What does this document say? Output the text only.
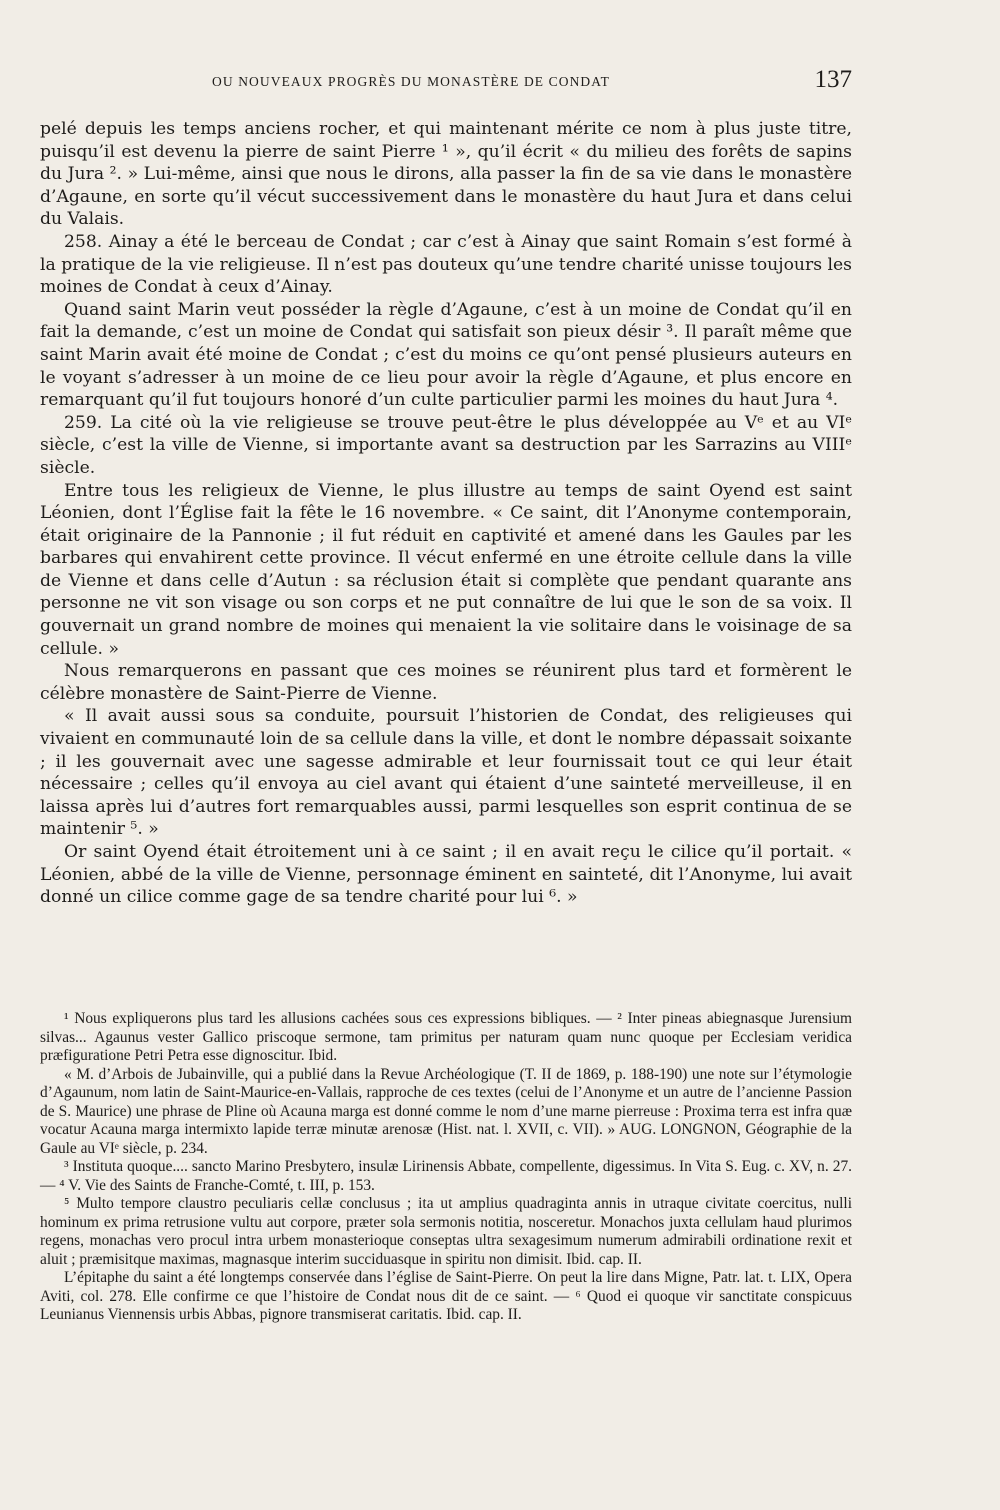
OU NOUVEAUX PROGRÈS DU MONASTÈRE DE CONDAT	137

pelé depuis les temps anciens rocher, et qui maintenant mérite ce nom à plus juste titre, puisqu’il est devenu la pierre de saint Pierre ¹ », qu’il écrit « du milieu des forêts de sapins du Jura ². » Lui-même, ainsi que nous le dirons, alla passer la fin de sa vie dans le monastère d’Agaune, en sorte qu’il vécut successivement dans le monastère du haut Jura et dans celui du Valais.

258. Ainay a été le berceau de Condat ; car c’est à Ainay que saint Romain s’est formé à la pratique de la vie religieuse. Il n’est pas douteux qu’une tendre charité unisse toujours les moines de Condat à ceux d’Ainay.

Quand saint Marin veut posséder la règle d’Agaune, c’est à un moine de Condat qu’il en fait la demande, c’est un moine de Condat qui satisfait son pieux désir ³. Il paraît même que saint Marin avait été moine de Condat ; c’est du moins ce qu’ont pensé plusieurs auteurs en le voyant s’adresser à un moine de ce lieu pour avoir la règle d’Agaune, et plus encore en remarquant qu’il fut toujours honoré d’un culte particulier parmi les moines du haut Jura ⁴.

259. La cité où la vie religieuse se trouve peut-être le plus développée au Vᵉ et au VIᵉ siècle, c’est la ville de Vienne, si importante avant sa destruction par les Sarrazins au VIIIᵉ siècle.

Entre tous les religieux de Vienne, le plus illustre au temps de saint Oyend est saint Léonien, dont l’Église fait la fête le 16 novembre. « Ce saint, dit l’Anonyme contemporain, était originaire de la Pannonie ; il fut réduit en captivité et amené dans les Gaules par les barbares qui envahirent cette province. Il vécut enfermé en une étroite cellule dans la ville de Vienne et dans celle d’Autun : sa réclusion était si complète que pendant quarante ans personne ne vit son visage ou son corps et ne put connaître de lui que le son de sa voix. Il gouvernait un grand nombre de moines qui menaient la vie solitaire dans le voisinage de sa cellule. »

Nous remarquerons en passant que ces moines se réunirent plus tard et formèrent le célèbre monastère de Saint-Pierre de Vienne.

« Il avait aussi sous sa conduite, poursuit l’historien de Condat, des religieuses qui vivaient en communauté loin de sa cellule dans la ville, et dont le nombre dépassait soixante ; il les gouvernait avec une sagesse admirable et leur fournissait tout ce qui leur était nécessaire ; celles qu’il envoya au ciel avant qui étaient d’une sainteté merveilleuse, il en laissa après lui d’autres fort remarquables aussi, parmi lesquelles son esprit continua de se maintenir ⁵. »

Or saint Oyend était étroitement uni à ce saint ; il en avait reçu le cilice qu’il portait. « Léonien, abbé de la ville de Vienne, personnage éminent en sainteté, dit l’Anonyme, lui avait donné un cilice comme gage de sa tendre charité pour lui ⁶. »

¹ Nous expliquerons plus tard les allusions cachées sous ces expressions bibliques. — ² Inter pineas abiegnasque Jurensium silvas... Agaunus vester Gallico priscoque sermone, tam primitus per naturam quam nunc quoque per Ecclesiam veridica præfiguratione Petri Petra esse dignoscitur. Ibid.

« M. d’Arbois de Jubainville, qui a publié dans la Revue Archéologique (T. II de 1869, p. 188-190) une note sur l’étymologie d’Agaunum, nom latin de Saint-Maurice-en-Vallais, rapproche de ces textes (celui de l’Anonyme et un autre de l’ancienne Passion de S. Maurice) une phrase de Pline où Acauna marga est donné comme le nom d’une marne pierreuse : Proxima terra est infra quæ vocatur Acauna marga intermixto lapide terræ minutæ arenosæ (Hist. nat. l. XVII, c. VII). » AUG. LONGNON, Géographie de la Gaule au VIᵉ siècle, p. 234.

³ Instituta quoque.... sancto Marino Presbytero, insulæ Lirinensis Abbate, compellente, digessimus. In Vita S. Eug. c. XV, n. 27. — ⁴ V. Vie des Saints de Franche-Comté, t. III, p. 153.

⁵ Multo tempore claustro peculiaris cellæ conclusus ; ita ut amplius quadraginta annis in utraque civitate coercitus, nulli hominum ex prima retrusione vultu aut corpore, præter sola sermonis notitia, nosceretur. Monachos juxta cellulam haud plurimos regens, monachas vero procul intra urbem monasterioque conseptas ultra sexagesimum numerum admirabili ordinatione rexit et aluit ; præmisitque maximas, magnasque interim succiduasque in spiritu non dimisit. Ibid. cap. II.

L’épitaphe du saint a été longtemps conservée dans l’église de Saint-Pierre. On peut la lire dans Migne, Patr. lat. t. LIX, Opera Aviti, col. 278. Elle confirme ce que l’histoire de Condat nous dit de ce saint. — ⁶ Quod ei quoque vir sanctitate conspicuus Leunianus Viennensis urbis Abbas, pignore transmiserat caritatis. Ibid. cap. II.
